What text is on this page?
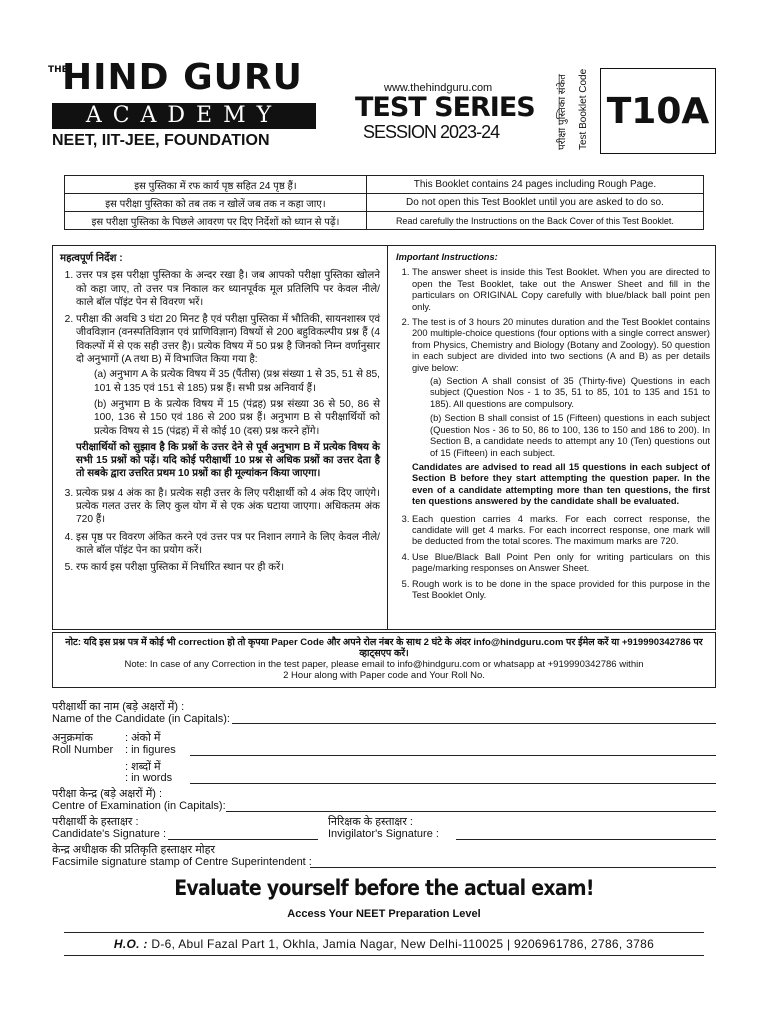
THE
HIND GURU
ACADEMY
NEET, IIT-JEE, FOUNDATION
www.thehindguru.com
TEST SERIES
SESSION 2023-24	परीक्षा पुस्तिका संकेत	Test Booklet Code T10A
इस पुस्तिका में रफ कार्य पृष्ठ सहित 24 पृष्ठ हैं।	This Booklet contains 24 pages including Rough Page.
इस परीक्षा पुस्तिका को तब तक न खोलें जब तक न कहा जाए।	Do not open this Test Booklet until you are asked to do so.
इस परीक्षा पुस्तिका के पिछले आवरण पर दिए निर्देशों को ध्यान से पढ़ें।	Read carefully the Instructions on the Back Cover of this Test Booklet.
महत्वपूर्ण निर्देश :
1. उत्तर पत्र इस परीक्षा पुस्तिका के अन्दर रखा है। जब आपको परीक्षा पुस्तिका खोलने को कहा जाए, तो उत्तर पत्र निकाल कर ध्यानपूर्वक मूल प्रतिलिपि पर केवल नीले/काले बॉल पॉइंट पेन से विवरण भरें।
2. परीक्षा की अवधि 3 घंटा 20 मिनट है एवं परीक्षा पुस्तिका में भौतिकी, सायनशास्त्र एवं जीवविज्ञान (वनस्पतिविज्ञान एवं प्राणिविज्ञान) विषयों से 200 बहुविकल्पीय प्रश्न हैं (4 विकल्पों में से एक सही उत्तर है)। प्रत्येक विषय में 50 प्रश्न है जिनको निम्न वर्णानुसार दो अनुभागों (A तथा B) में विभाजित किया गया है:
(a) अनुभाग A के प्रत्येक विषय में 35 (पैंतीस) (प्रश्न संख्या 1 से 35, 51 से 85, 101 से 135 एवं 151 से 185) प्रश्न हैं। सभी प्रश्न अनिवार्य हैं।
(b) अनुभाग B के प्रत्येक विषय में 15 (पंद्रह) प्रश्न संख्या 36 से 50, 86 से 100, 136 से 150 एवं 186 से 200 प्रश्न हैं। अनुभाग B से परीक्षार्थियों को प्रत्येक विषय से 15 (पंद्रह) में से कोई 10 (दस) प्रश्न करने होंगे।
परीक्षार्थियों को सुझाव है कि प्रश्नों के उत्तर देने से पूर्व अनुभाग B में प्रत्येक विषय के सभी 15 प्रश्नों को पढ़ें। यदि कोई परीक्षार्थी 10 प्रश्न से अधिक प्रश्नों का उत्तर देता है तो सबके द्वारा उत्तरित प्रथम 10 प्रश्नों का ही मूल्यांकन किया जाएगा।
3. प्रत्येक प्रश्न 4 अंक का है। प्रत्येक सही उत्तर के लिए परीक्षार्थी को 4 अंक दिए जाएंगे। प्रत्येक गलत उत्तर के लिए कुल योग में से एक अंक घटाया जाएगा। अधिकतम अंक 720 हैं।
4. इस पृष्ठ पर विवरण अंकित करने एवं उत्तर पत्र पर निशान लगाने के लिए केवल नीले/काले बॉल पॉइंट पेन का प्रयोग करें।
5. रफ कार्य इस परीक्षा पुस्तिका में निर्धारित स्थान पर ही करें।
Important Instructions:
1. The answer sheet is inside this Test Booklet. When you are directed to open the Test Booklet, take out the Answer Sheet and fill in the particulars on ORIGINAL Copy carefully with blue/black ball point pen only.
2. The test is of 3 hours 20 minutes duration and the Test Booklet contains 200 multiple-choice questions (four options with a single correct answer) from Physics, Chemistry and Biology (Botany and Zoology). 50 question in each subject are divided into two sections (A and B) as per details give below:
(a) Section A shall consist of 35 (Thirty-five) Questions in each subject (Question Nos - 1 to 35, 51 to 85, 101 to 135 and 151 to 185). All questions are compulsory.
(b) Section B shall consist of 15 (Fifteen) questions in each subject (Question Nos - 36 to 50, 86 to 100, 136 to 150 and 186 to 200). In Section B, a candidate needs to attempt any 10 (Ten) questions out of 15 (Fifteen) in each subject.
Candidates are advised to read all 15 questions in each subject of Section B before they start attempting the question paper. In the even of a candidate attempting more than ten questions, the first ten questions answered by the candidate shall be evaluated.
3. Each question carries 4 marks. For each correct response, the candidate will get 4 marks. For each incorrect response, one mark will be deducted from the total scores. The maximum marks are 720.
4. Use Blue/Black Ball Point Pen only for writing particulars on this page/marking responses on Answer Sheet.
5. Rough work is to be done in the space provided for this purpose in the Test Booklet Only.
नोट: यदि इस प्रश्न पत्र में कोई भी correction हो तो कृपया Paper Code और अपने रोल नंबर के साथ 2 घंटे के अंदर info@hindguru.com पर ईमेल करें या +919990342786 पर व्हाट्सएप करें।
Note: In case of any Correction in the test paper, please email to info@hindguru.com or whatsapp at +919990342786 within
2 Hour along with Paper code and Your Roll No.
परीक्षार्थी का नाम (बड़े अक्षरों में) :
Name of the Candidate (in Capitals):
अनुक्रमांक
Roll Number
: अंको में
: in figures
: शब्दों में
: in words
परीक्षा केन्द्र (बड़े अक्षरों में) :
Centre of Examination (in Capitals):
परीक्षार्थी के हस्ताक्षर :
Candidate's Signature :
निरिक्षक के हस्ताक्षर :
Invigilator's Signature :
केन्द्र अधीक्षक की प्रतिकृति हस्ताक्षर मोहर
Facsimile signature stamp of Centre Superintendent :
Evaluate yourself before the actual exam!
Access Your NEET Preparation Level
H.O. : D-6, Abul Fazal Part 1, Okhla, Jamia Nagar, New Delhi-110025 | 9206961786, 2786, 3786
